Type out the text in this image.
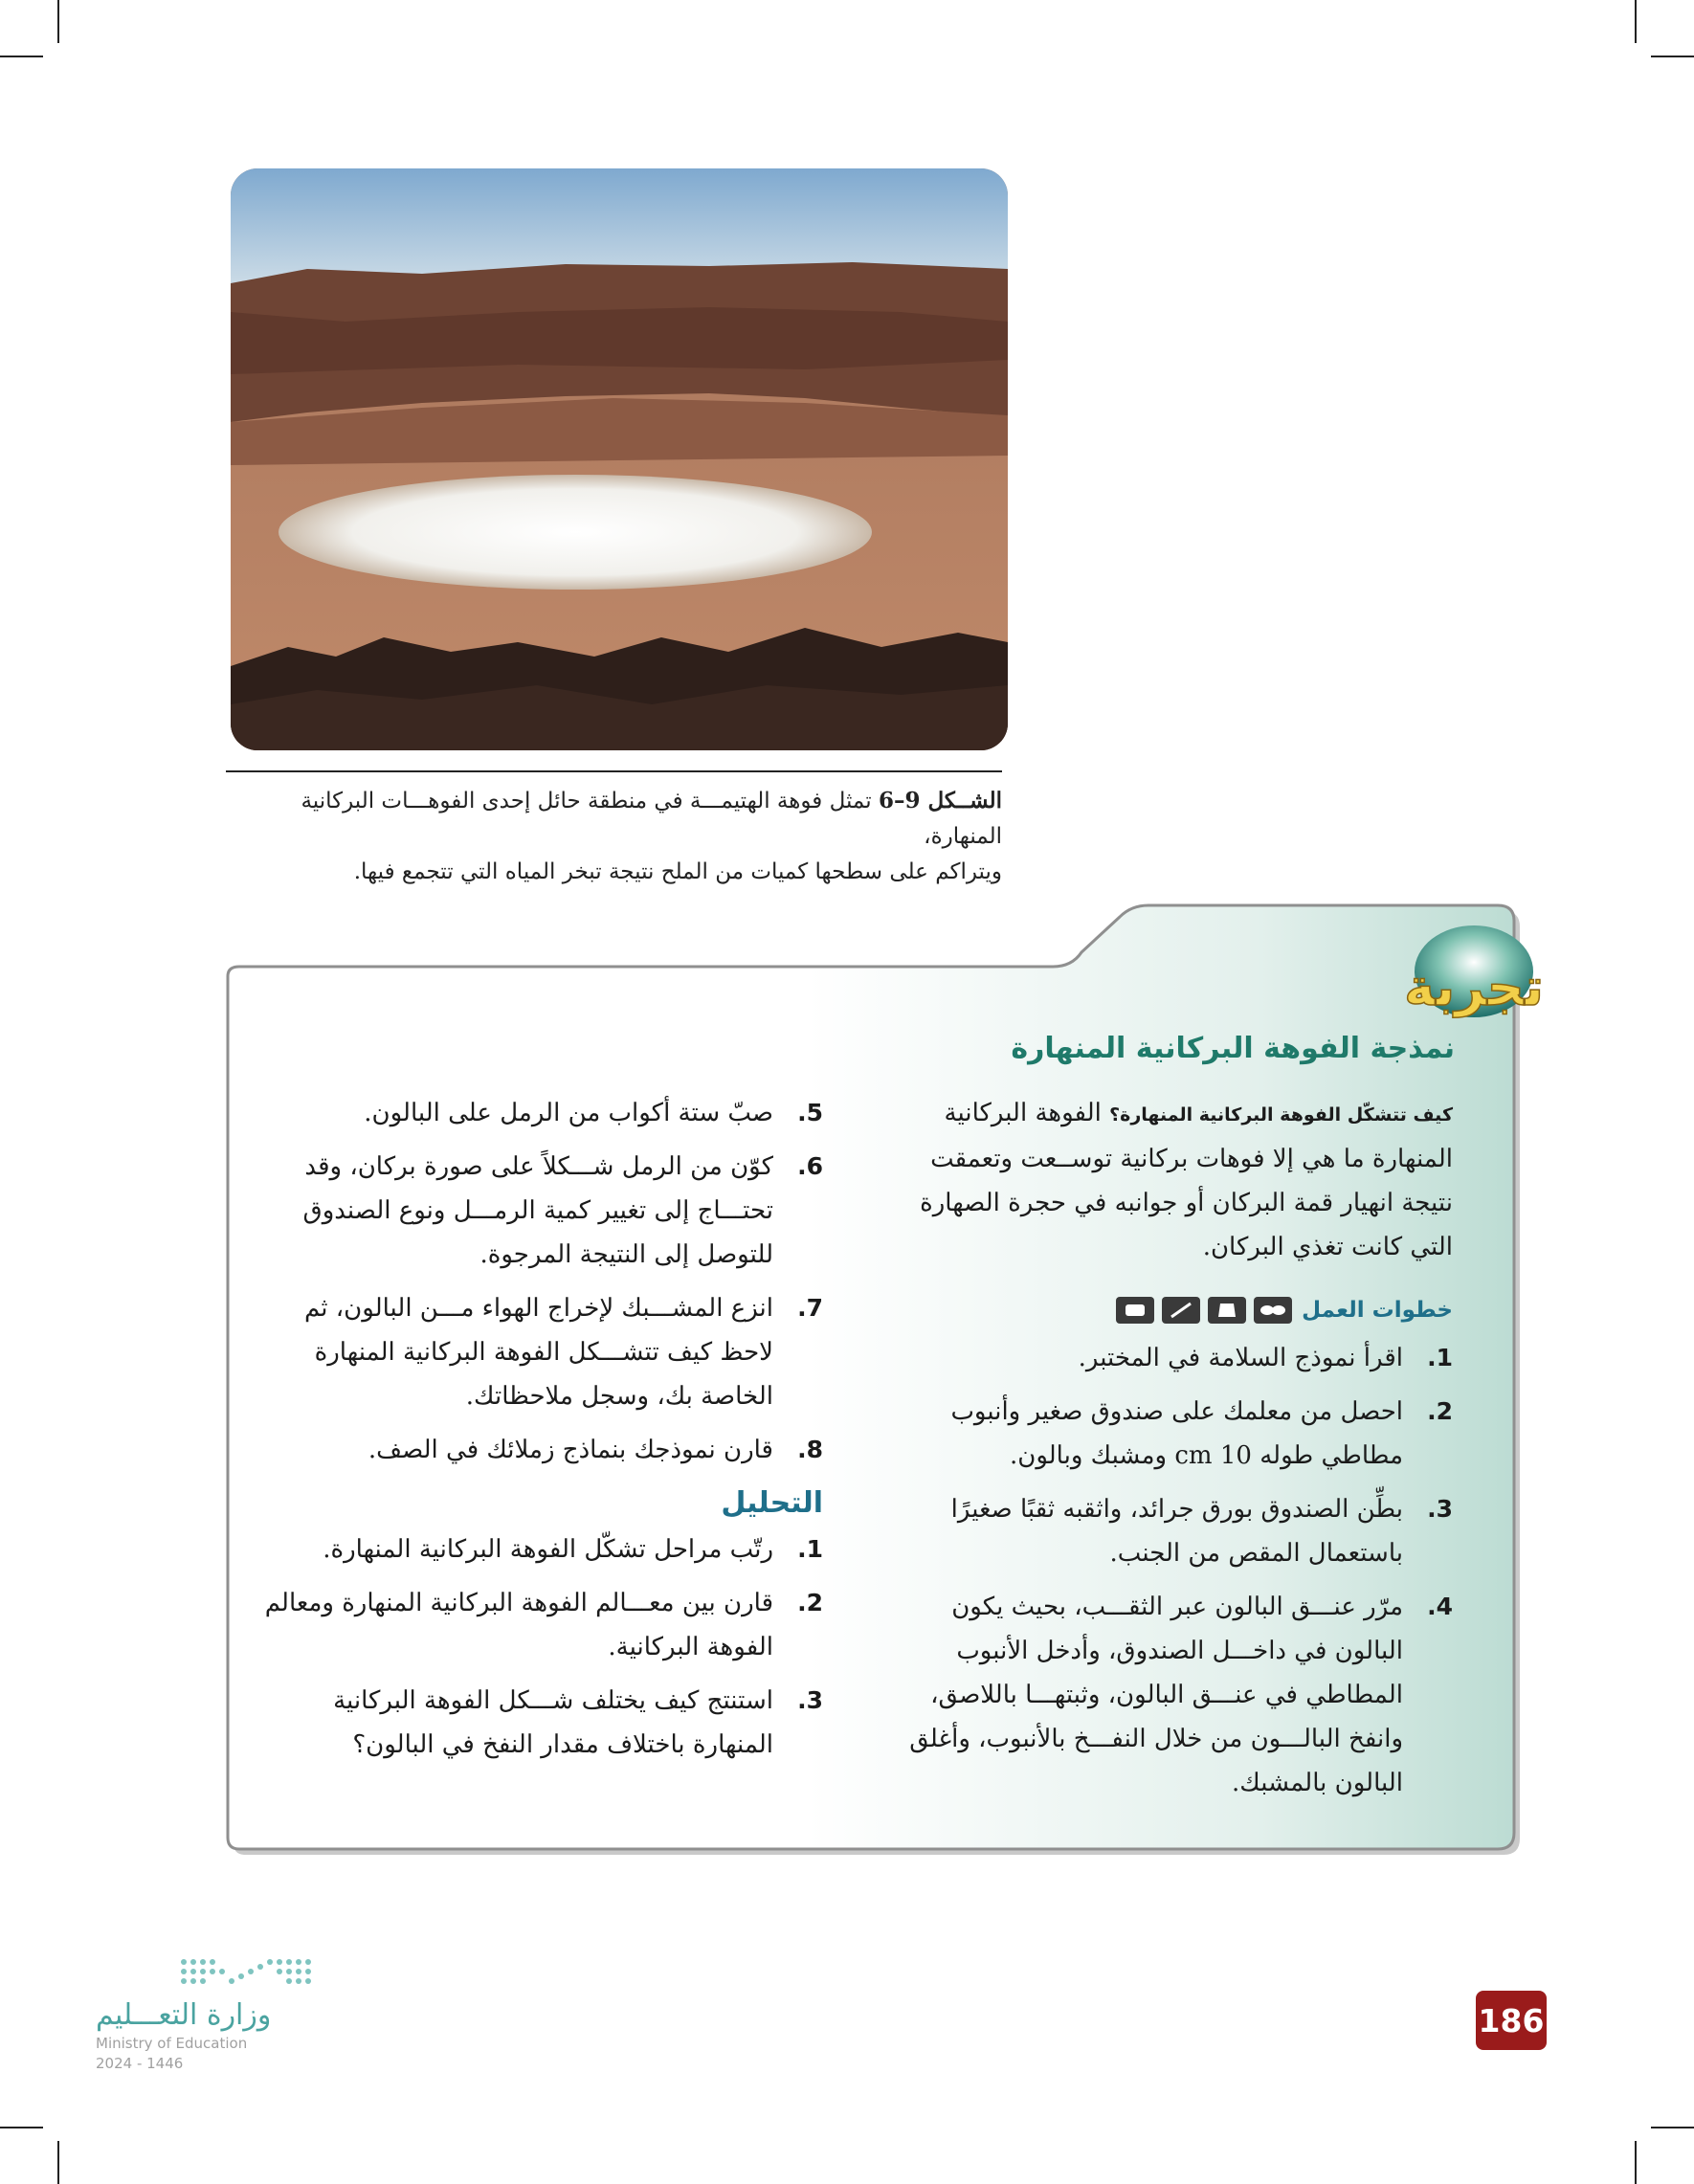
الشــكل 9–6 تمثل فوهة الهتيمـــة في منطقة حائل إحدى الفوهـــات البركانية المنهارة،
ويتراكم على سطحها كميات من الملح نتيجة تبخر المياه التي تتجمع فيها.
تجربة
نمذجة الفوهة البركانية المنهارة
كيف تتشكّل الفوهة البركانية المنهارة؟ الفوهة البركانية المنهارة ما هي إلا فوهات بركانية توســعت وتعمقت نتيجة انهيار قمة البركان أو جوانبه في حجرة الصهارة التي كانت تغذي البركان.
خطوات العمل
1.
اقرأ نموذج السلامة في المختبر.
2.
احصل من معلمك على صندوق صغير وأنبوب مطاطي طوله 10 cm ومشبك وبالون.
3.
بطِّن الصندوق بورق جرائد، واثقبه ثقبًا صغيرًا باستعمال المقص من الجنب.
4.
مرّر عنـــق البالون عبر الثقـــب، بحيث يكون البالون في داخـــل الصندوق، وأدخل الأنبوب المطاطي في عنـــق البالون، وثبتهـــا باللاصق، وانفخ البالـــون من خلال النفـــخ بالأنبوب، وأغلق البالون بالمشبك.
5.
صبّ ستة أكواب من الرمل على البالون.
6.
كوّن من الرمل شـــكلاً على صورة بركان، وقد تحتـــاج إلى تغيير كمية الرمـــل ونوع الصندوق للتوصل إلى النتيجة المرجوة.
7.
انزع المشـــبك لإخراج الهواء مـــن البالون، ثم لاحظ كيف تتشـــكل الفوهة البركانية المنهارة الخاصة بك، وسجل ملاحظاتك.
8.
قارن نموذجك بنماذج زملائك في الصف.
التحليل
1.
رتّب مراحل تشكّل الفوهة البركانية المنهارة.
2.
قارن بين معـــالم الفوهة البركانية المنهارة ومعالم الفوهة البركانية.
3.
استنتج كيف يختلف شـــكل الفوهة البركانية المنهارة باختلاف مقدار النفخ في البالون؟
186
وزارة التعـــليم
Ministry of Education
2024 - 1446
